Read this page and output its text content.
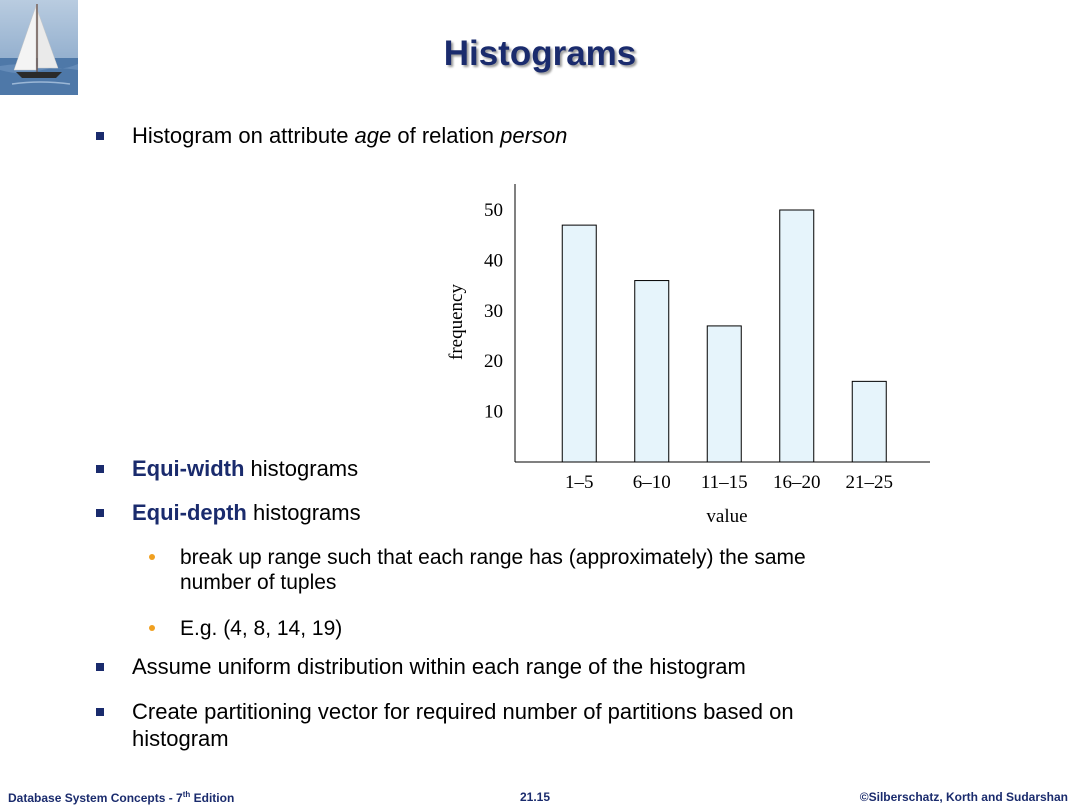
Histograms
Histogram on attribute age of relation person
10
20
30
40
50
1–5 6–10 11–15 16–20 21–25
frequency
value
Equi-width histograms
Equi-depth histograms
break up range such that each range has (approximately) the same
number of tuples
E.g. (4, 8, 14, 19)
Assume uniform distribution within each range of the histogram
Create partitioning vector for required number of partitions based on
histogram
Database System Concepts - 7th Edition	21.15	©Silberschatz, Korth and Sudarshan
